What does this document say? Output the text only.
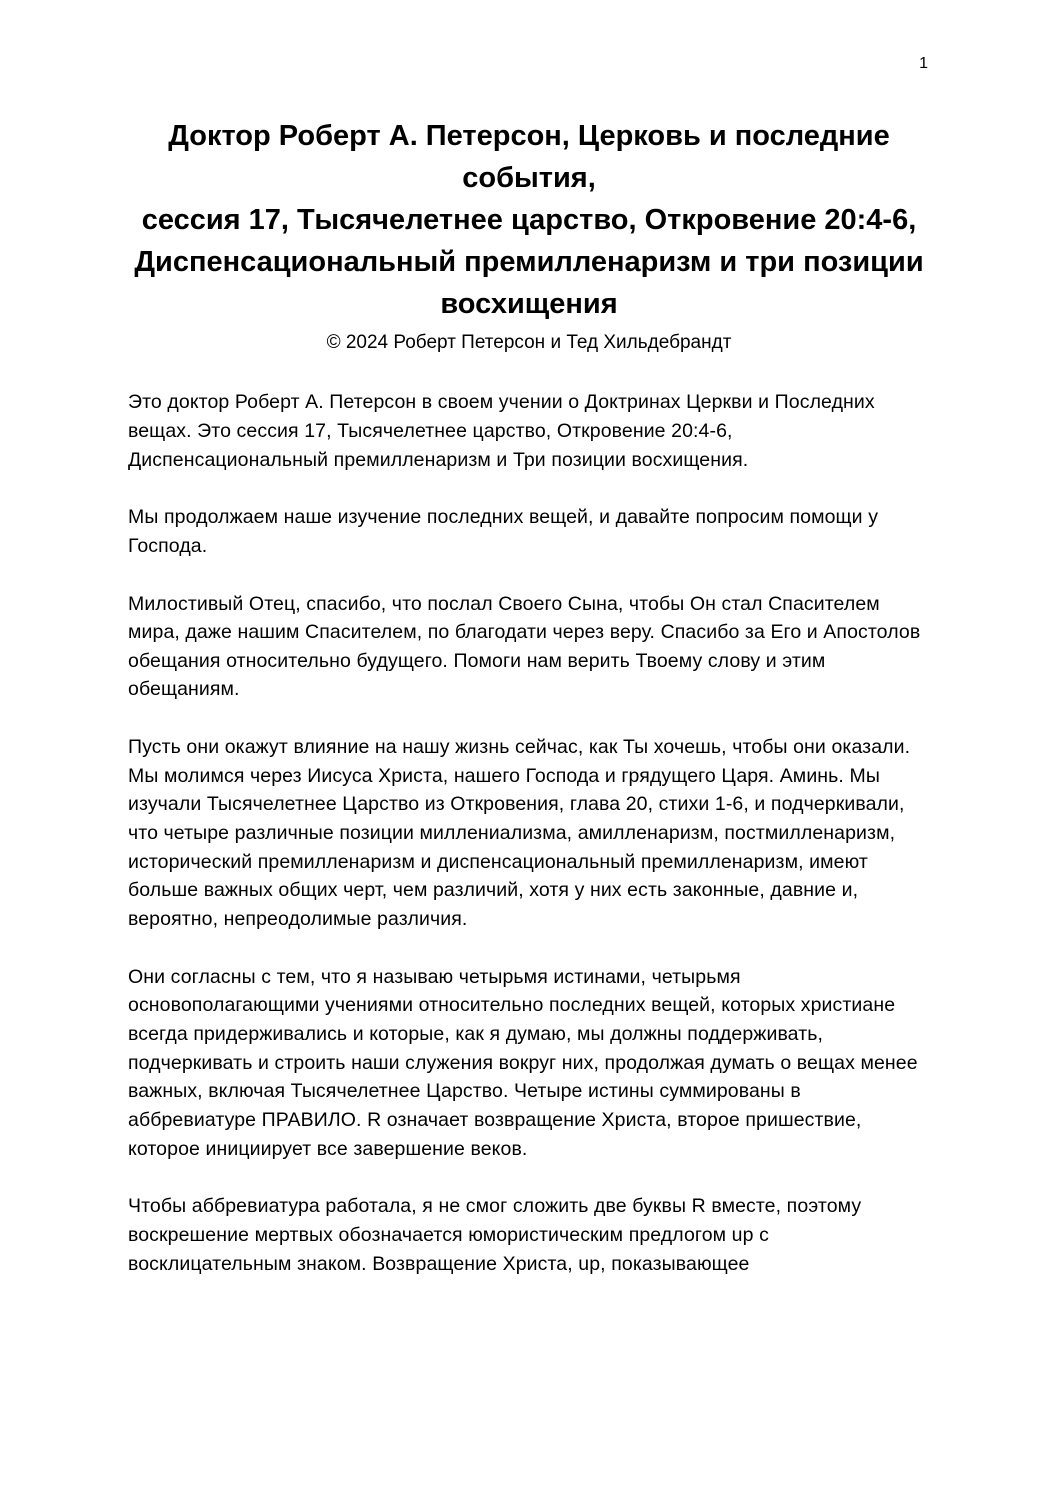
1
Доктор Роберт А. Петерсон, Церковь и последние события,
сессия 17, Тысячелетнее царство, Откровение 20:4-6,
Диспенсациональный премилленаризм и три позиции восхищения
© 2024 Роберт Петерсон и Тед Хильдебрандт

Это доктор Роберт А. Петерсон в своем учении о Доктринах Церкви и Последних вещах. Это сессия 17, Тысячелетнее царство, Откровение 20:4-6, Диспенсациональный премилленаризм и Три позиции восхищения.

Мы продолжаем наше изучение последних вещей, и давайте попросим помощи у Господа.

Милостивый Отец, спасибо, что послал Своего Сына, чтобы Он стал Спасителем мира, даже нашим Спасителем, по благодати через веру. Спасибо за Его и Апостолов обещания относительно будущего. Помоги нам верить Твоему слову и этим обещаниям.

Пусть они окажут влияние на нашу жизнь сейчас, как Ты хочешь, чтобы они оказали. Мы молимся через Иисуса Христа, нашего Господа и грядущего Царя. Аминь. Мы изучали Тысячелетнее Царство из Откровения, глава 20, стихи 1-6, и подчеркивали, что четыре различные позиции миллениализма, амилленаризм, постмилленаризм, исторический премилленаризм и диспенсациональный премилленаризм, имеют больше важных общих черт, чем различий, хотя у них есть законные, давние и, вероятно, непреодолимые различия.

Они согласны с тем, что я называю четырьмя истинами, четырьмя основополагающими учениями относительно последних вещей, которых христиане всегда придерживались и которые, как я думаю, мы должны поддерживать, подчеркивать и строить наши служения вокруг них, продолжая думать о вещах менее важных, включая Тысячелетнее Царство. Четыре истины суммированы в аббревиатуре ПРАВИЛО. R означает возвращение Христа, второе пришествие, которое инициирует все завершение веков.

Чтобы аббревиатура работала, я не смог сложить две буквы R вместе, поэтому воскрешение мертвых обозначается юмористическим предлогом up с восклицательным знаком. Возвращение Христа, up, показывающее
